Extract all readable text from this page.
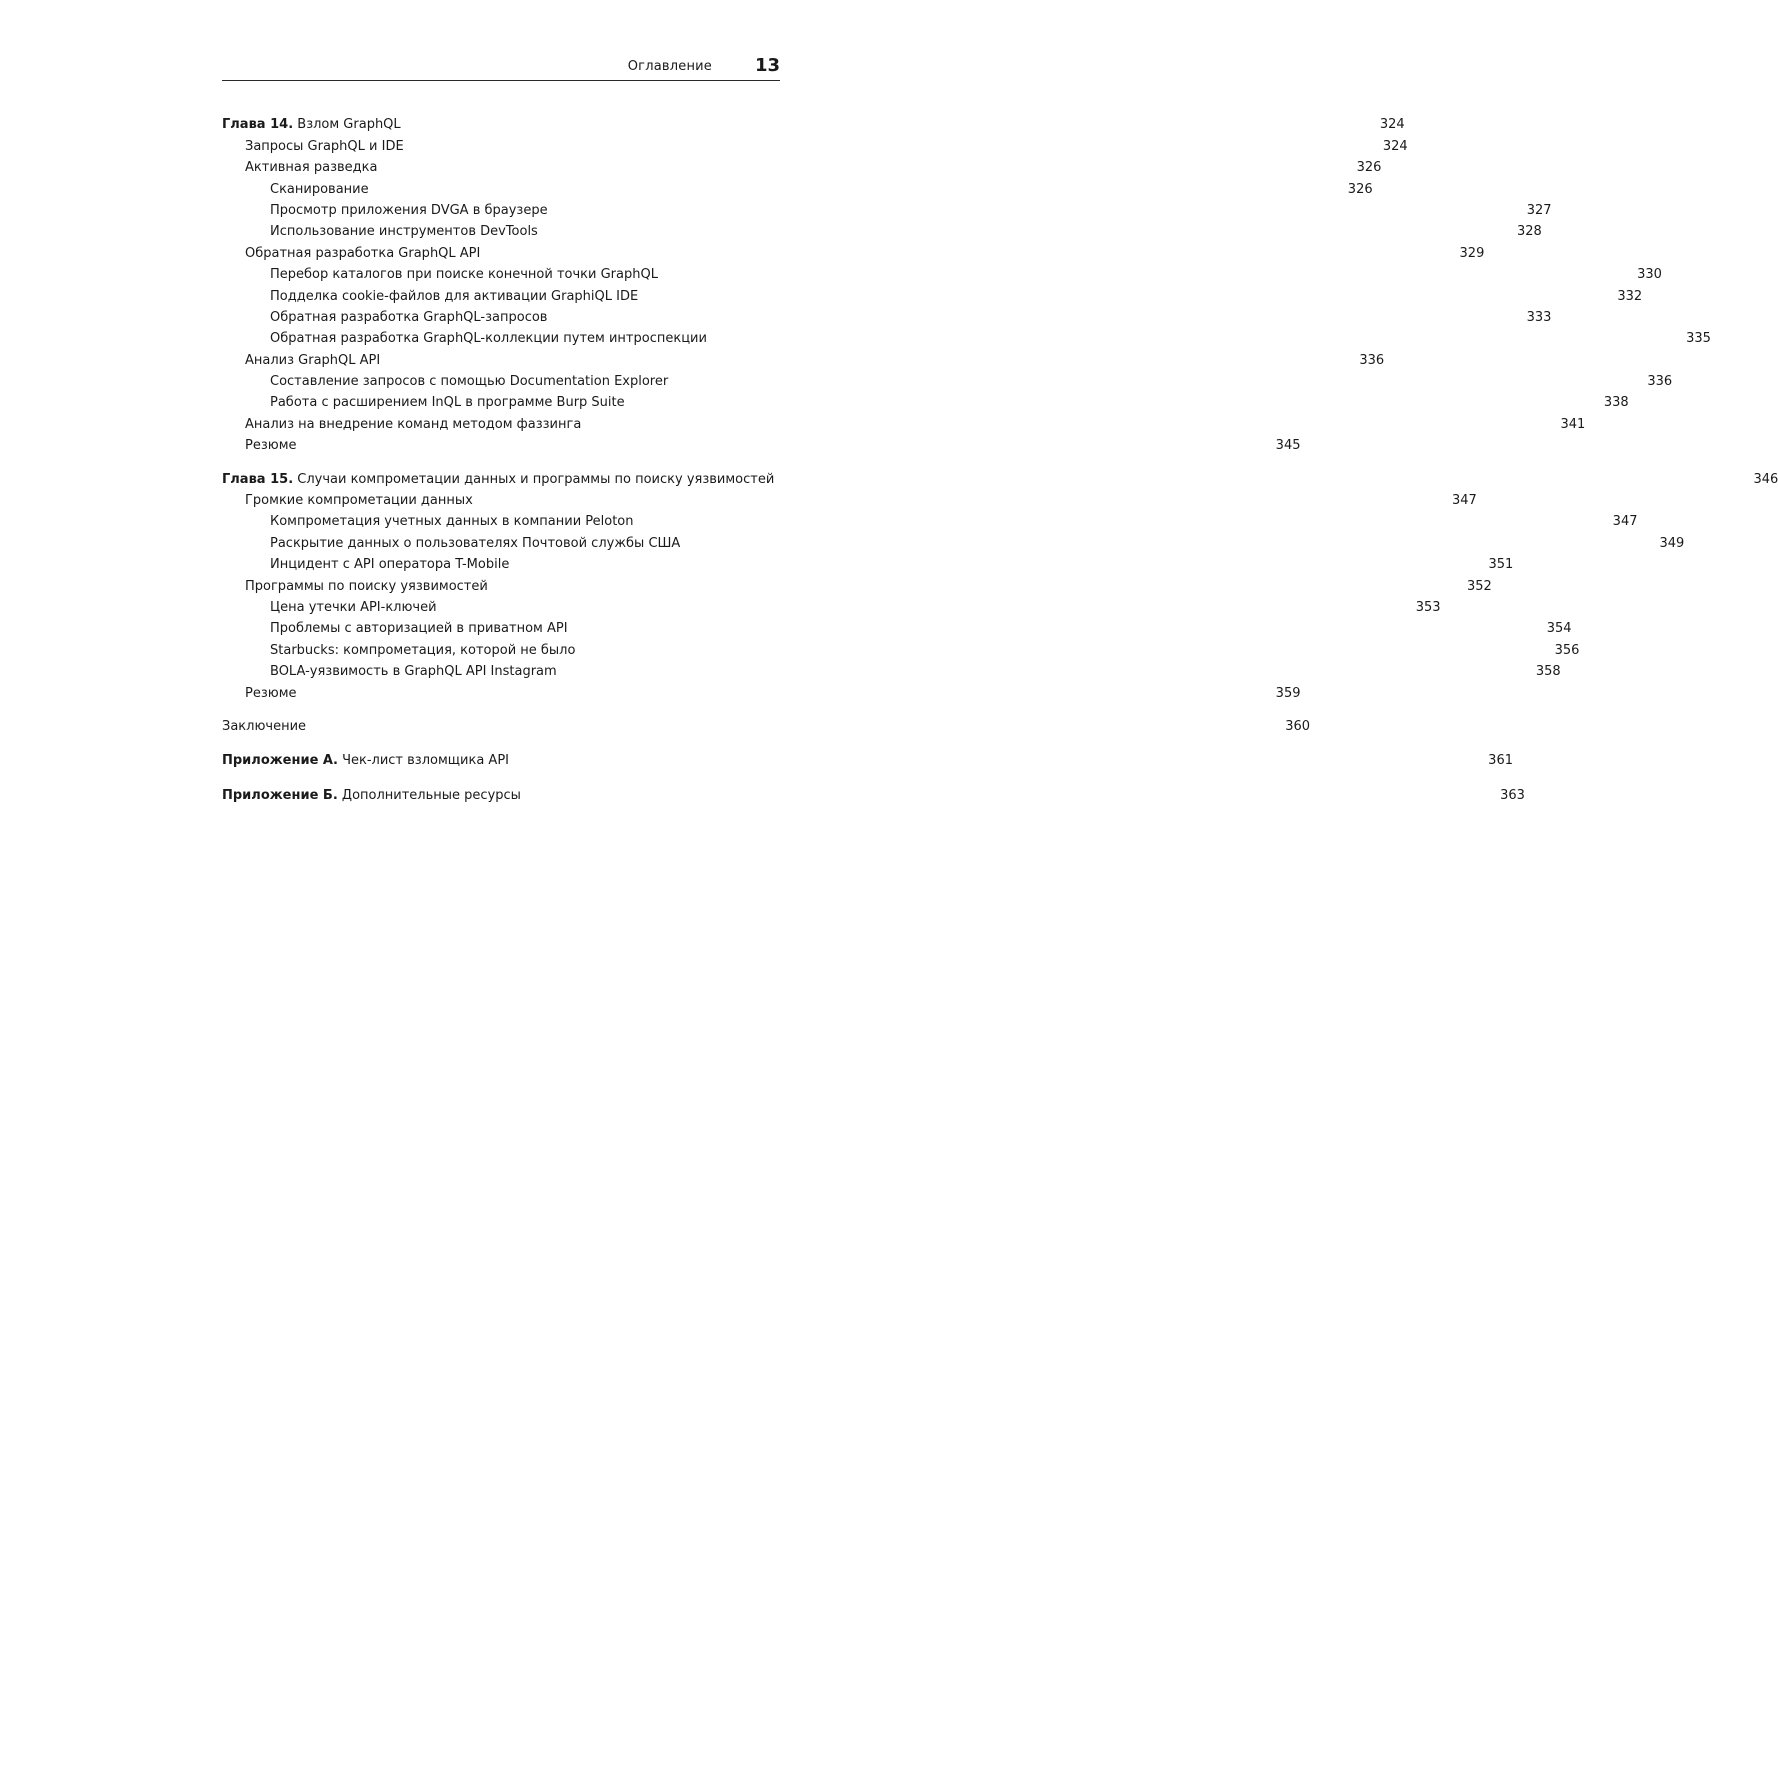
Оглавление 13
Глава 14. Взлом GraphQL	324
Запросы GraphQL и IDE	324
Активная разведка	326
Сканирование	326
Просмотр приложения DVGA в браузере	327
Использование инструментов DevTools	328
Обратная разработка GraphQL API	329
Перебор каталогов при поиске конечной точки GraphQL	330
Подделка cookie-файлов для активации GraphiQL IDE	332
Обратная разработка GraphQL-запросов	333
Обратная разработка GraphQL-коллекции путем интроспекции	335
Анализ GraphQL API	336
Составление запросов с помощью Documentation Explorer	336
Работа с расширением InQL в программе Burp Suite	338
Анализ на внедрение команд методом фаззинга	341
Резюме	345
Глава 15. Случаи компрометации данных и программы по поиску уязвимостей	346
Громкие компрометации данных	347
Компрометация учетных данных в компании Peloton	347
Раскрытие данных о пользователях Почтовой службы США	349
Инцидент с API оператора T-Mobile	351
Программы по поиску уязвимостей	352
Цена утечки API-ключей	353
Проблемы с авторизацией в приватном API	354
Starbucks: компрометация, которой не было	356
BOLA-уязвимость в GraphQL API Instagram	358
Резюме	359
Заключение	360
Приложение А. Чек-лист взломщика API	361
Приложение Б. Дополнительные ресурсы	363
